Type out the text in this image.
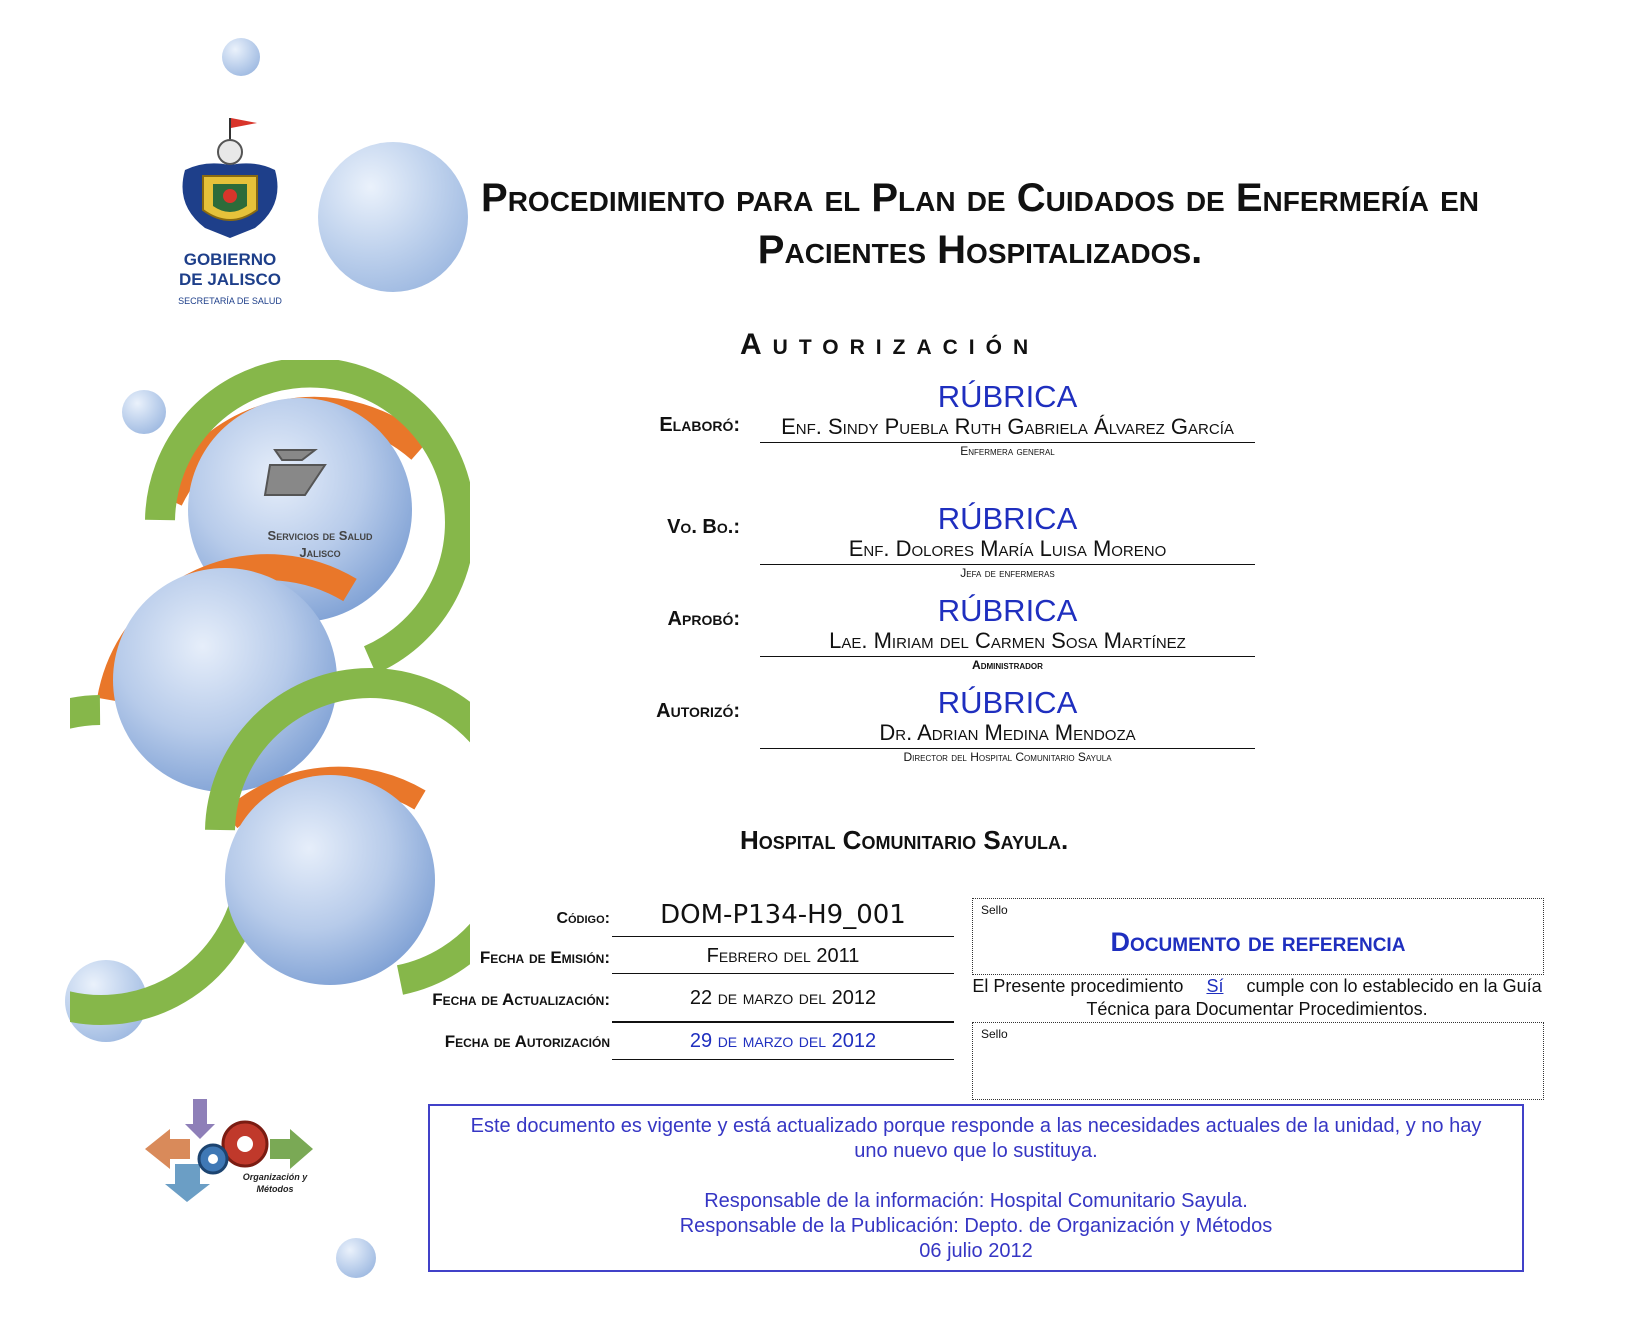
GOBIERNO
DE JALISCO
SECRETARÍA DE SALUD
Procedimiento para el Plan de Cuidados de Enfermería en
Pacientes Hospitalizados.
Servicios de Salud
Jalisco
Autorización
Elaboró:
RÚBRICA
Enf. Sindy Puebla Ruth Gabriela Álvarez García
Enfermera general
Vo. Bo.:	RÚBRICA
Enf. Dolores María Luisa Moreno
Jefa de enfermeras
Aprobó:	RÚBRICA
Lae. Miriam del Carmen Sosa Martínez
Administrador
Autorizó:	RÚBRICA
Dr. Adrian Medina Mendoza
Director del Hospital Comunitario Sayula
Hospital Comunitario Sayula.
Código:	DOM-P134-H9_001
Fecha de Emisión:	Febrero del 2011
Fecha de Actualización:	22 de marzo del 2012
Fecha de Autorización	29 de marzo del 2012
Sello
Documento de referencia
El Presente procedimiento Sí cumple con lo establecido en la Guía Técnica para Documentar Procedimientos.
Sello
Organización y
Métodos

Este documento es vigente y está actualizado porque responde a las necesidades actuales de la unidad, y no hay uno nuevo que lo sustituya.

Responsable de la información: Hospital Comunitario Sayula.

Responsable de la Publicación: Depto. de Organización y Métodos

06 julio 2012
